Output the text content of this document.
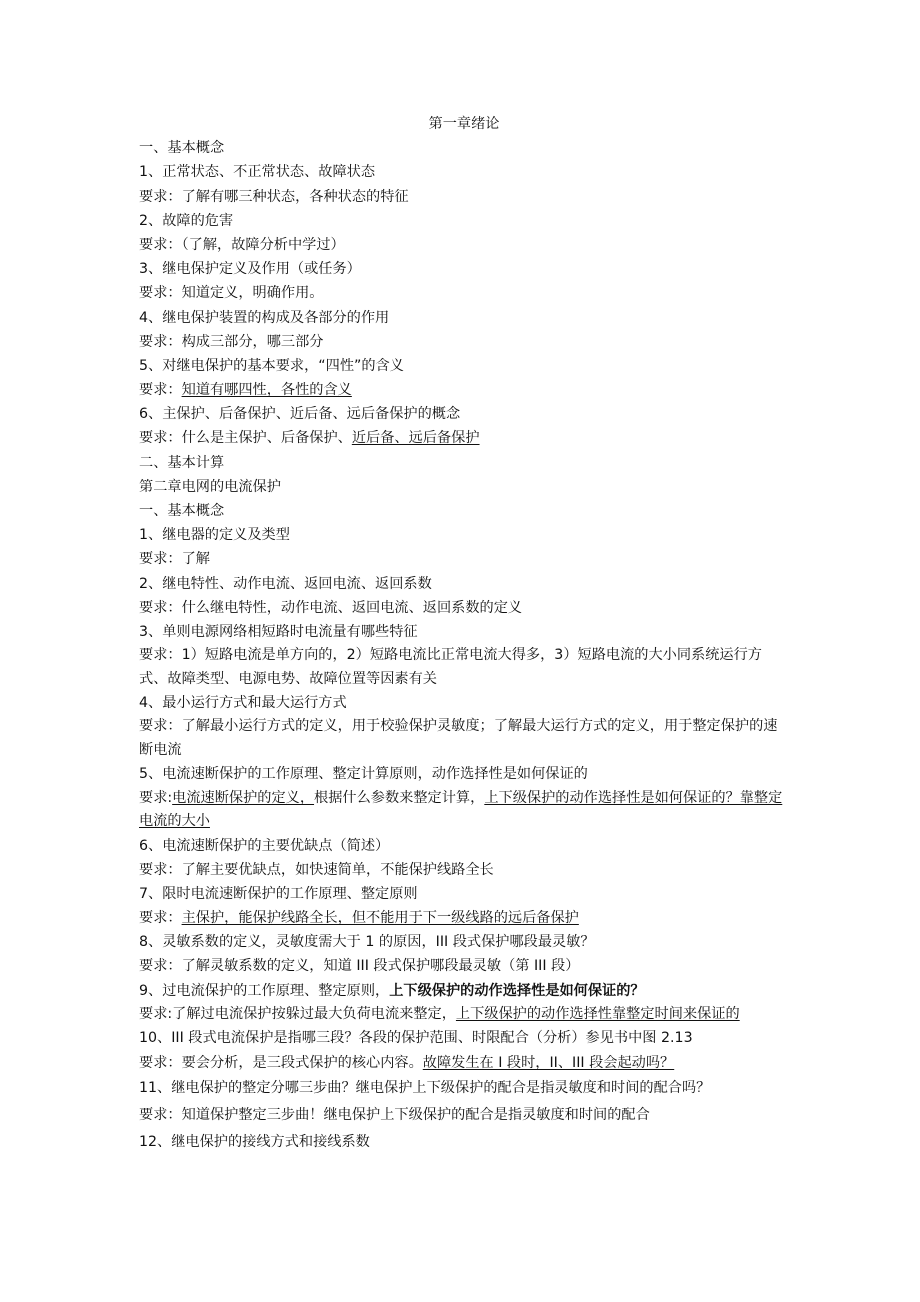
第一章绪论
一、基本概念
1、正常状态、不正常状态、故障状态
要求：了解有哪三种状态，各种状态的特征
2、故障的危害
要求：（了解，故障分析中学过）
3、继电保护定义及作用（或任务）
要求：知道定义，明确作用。
4、继电保护装置的构成及各部分的作用
要求：构成三部分，哪三部分
5、对继电保护的基本要求，“四性”的含义
要求：知道有哪四性，各性的含义
6、主保护、后备保护、近后备、远后备保护的概念
要求：什么是主保护、后备保护、近后备、远后备保护
二、基本计算
第二章电网的电流保护
一、基本概念
1、继电器的定义及类型
要求：了解
2、继电特性、动作电流、返回电流、返回系数
要求：什么继电特性，动作电流、返回电流、返回系数的定义
3、单则电源网络相短路时电流量有哪些特征
要求：1）短路电流是单方向的，2）短路电流比正常电流大得多，3）短路电流的大小同系统运行方式、故障类型、电源电势、故障位置等因素有关
4、最小运行方式和最大运行方式
要求：了解最小运行方式的定义，用于校验保护灵敏度；了解最大运行方式的定义，用于整定保护的速断电流
5、电流速断保护的工作原理、整定计算原则，动作选择性是如何保证的
要求:电流速断保护的定义，根据什么参数来整定计算，上下级保护的动作选择性是如何保证的？靠整定电流的大小
6、电流速断保护的主要优缺点（简述）
要求：了解主要优缺点，如快速简单，不能保护线路全长
7、限时电流速断保护的工作原理、整定原则
要求：主保护，能保护线路全长，但不能用于下一级线路的远后备保护
8、灵敏系数的定义，灵敏度需大于 1 的原因，III 段式保护哪段最灵敏？
要求：了解灵敏系数的定义，知道 III 段式保护哪段最灵敏（第 III 段）
9、过电流保护的工作原理、整定原则，上下级保护的动作选择性是如何保证的？
要求:了解过电流保护按躲过最大负荷电流来整定，上下级保护的动作选择性靠整定时间来保证的
10、III 段式电流保护是指哪三段？各段的保护范围、时限配合（分析）参见书中图 2.13
要求：要会分析，是三段式保护的核心内容。故障发生在 I 段时，II、III 段会起动吗？
11、继电保护的整定分哪三步曲？继电保护上下级保护的配合是指灵敏度和时间的配合吗？
要求：知道保护整定三步曲！继电保护上下级保护的配合是指灵敏度和时间的配合
12、继电保护的接线方式和接线系数
